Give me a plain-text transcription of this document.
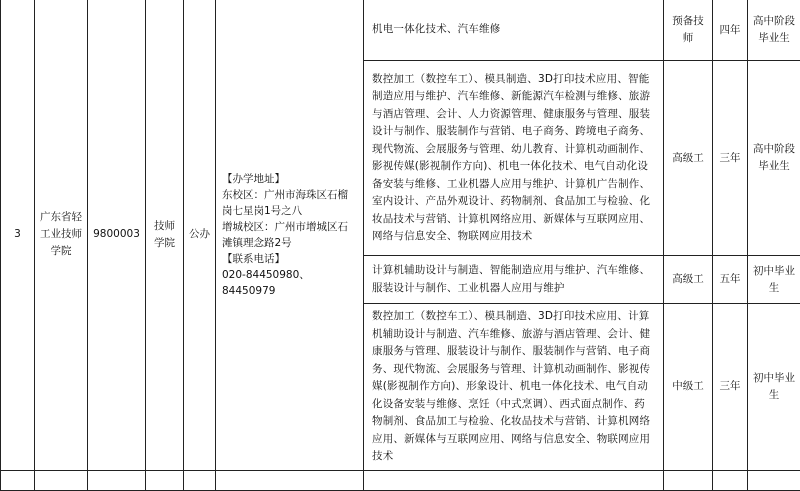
3	广东省轻工业技师学院	9800003	技师学院	公办	【办学地址】
东校区：广州市海珠区石榴岗七星岗1号之八
增城校区：广州市增城区石滩镇理念路2号
【联系电话】
020-84450980、84450979	机电一体化技术、汽车维修	预备技师	四年	高中阶段毕业生
						数控加工（数控车工）、模具制造、3D打印技术应用、智能制造应用与维护、汽车维修、新能源汽车检测与维修、旅游与酒店管理、会计、人力资源管理、健康服务与管理、服装设计与制作、服装制作与营销、电子商务、跨境电子商务、现代物流、会展服务与管理、幼儿教育、计算机动画制作、影视传媒(影视制作方向)、机电一体化技术、电气自动化设备安装与维修、工业机器人应用与维护、计算机广告制作、室内设计、产品外观设计、药物制剂、食品加工与检验、化妆品技术与营销、计算机网络应用、新媒体与互联网应用、网络与信息安全、物联网应用技术	高级工	三年	高中阶段毕业生
						计算机辅助设计与制造、智能制造应用与维护、汽车维修、服装设计与制作、工业机器人应用与维护	高级工	五年	初中毕业生
						数控加工（数控车工）、模具制造、3D打印技术应用、计算机辅助设计与制造、汽车维修、旅游与酒店管理、会计、健康服务与管理、服装设计与制作、服装制作与营销、电子商务、现代物流、会展服务与管理、计算机动画制作、影视传媒(影视制作方向)、形象设计、机电一体化技术、电气自动化设备安装与维修、烹饪（中式烹调）、西式面点制作、药物制剂、食品加工与检验、化妆品技术与营销、计算机网络应用、新媒体与互联网应用、网络与信息安全、物联网应用技术	中级工	三年	初中毕业生
